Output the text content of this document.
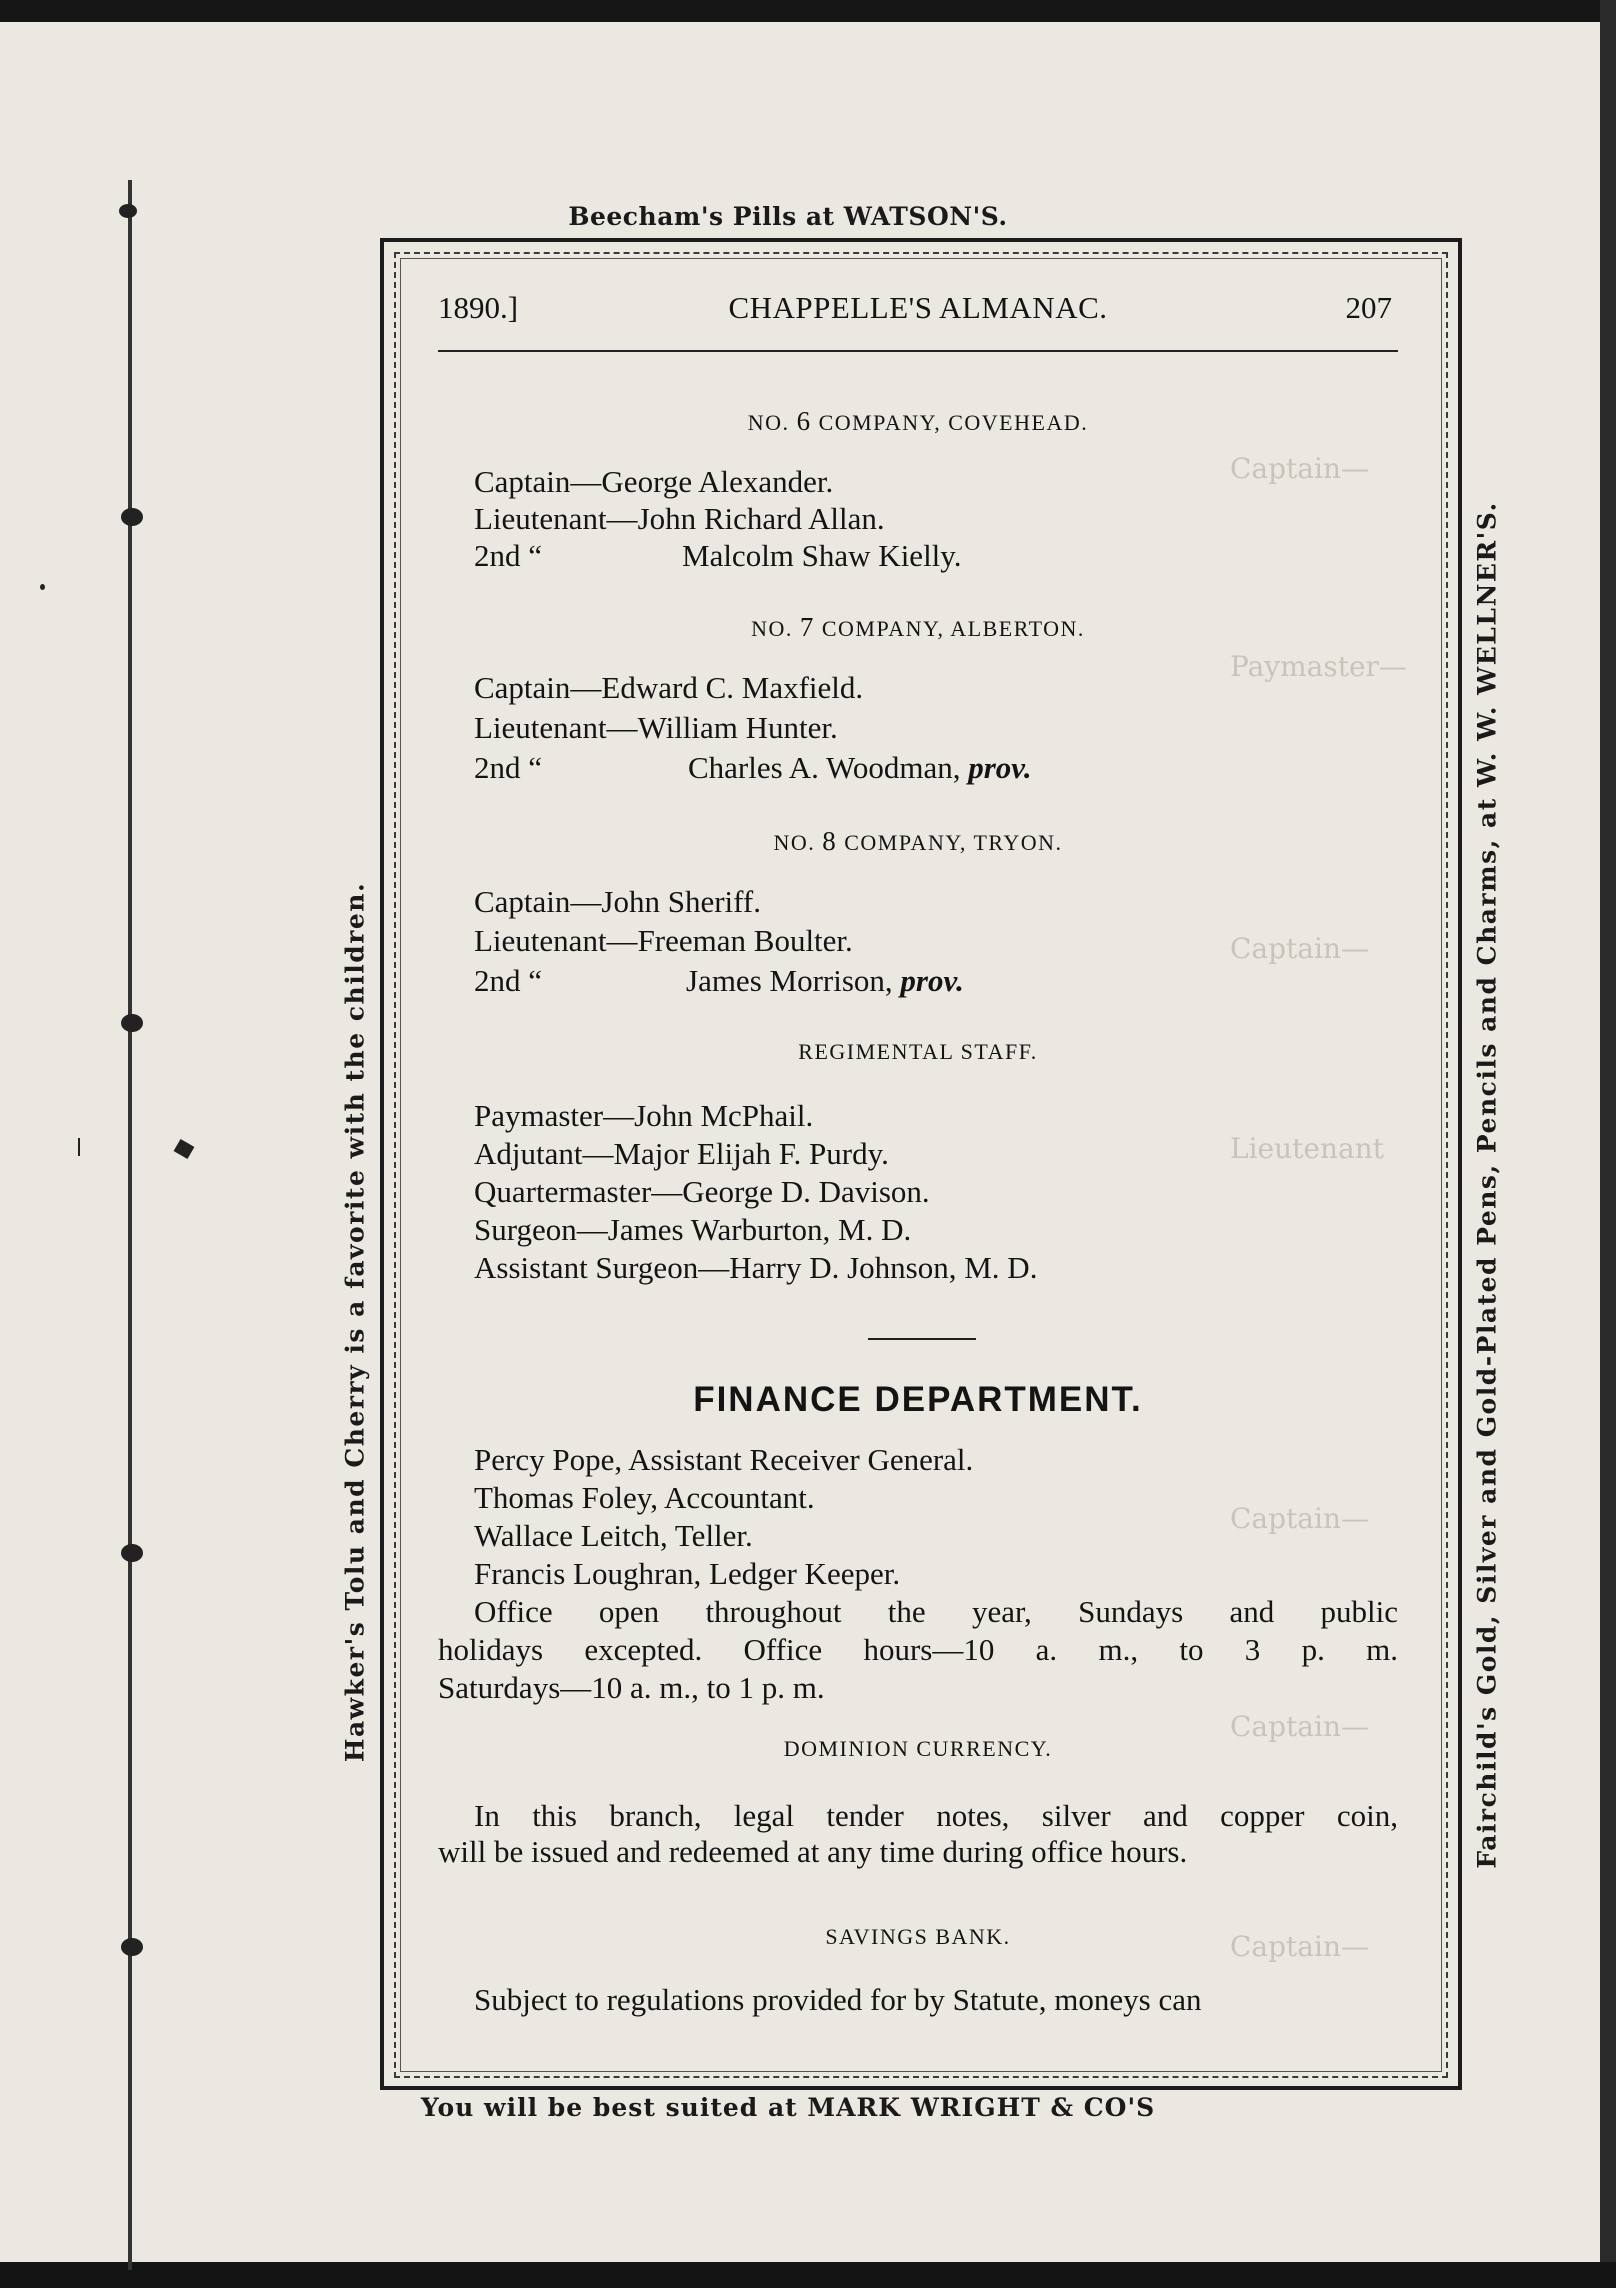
Captain—
Paymaster—
Captain—
Lieutenant
Captain—
Captain—
Captain—
Beecham's Pills at WATSON'S.
You will be best suited at MARK WRIGHT & CO'S
Hawker's Tolu and Cherry is a favorite with the children.	Fairchild's Gold, Silver and Gold-Plated Pens, Pencils and Charms, at W. W. WELLNER'S.
1890.]	CHAPPELLE'S ALMANAC.	207
NO. 6 COMPANY, COVEHEAD.
Captain—George Alexander.
Lieutenant—John Richard Allan.
2nd “	Malcolm Shaw Kielly.
NO. 7 COMPANY, ALBERTON.
Captain—Edward C. Maxfield.
Lieutenant—William Hunter.
2nd “	Charles A. Woodman, prov.
NO. 8 COMPANY, TRYON.
Captain—John Sheriff.
Lieutenant—Freeman Boulter.
2nd “	James Morrison, prov.
REGIMENTAL STAFF.
Paymaster—John McPhail.
Adjutant—Major Elijah F. Purdy.
Quartermaster—George D. Davison.
Surgeon—James Warburton, M. D.
Assistant Surgeon—Harry D. Johnson, M. D.
FINANCE DEPARTMENT.
Percy Pope, Assistant Receiver General.
Thomas Foley, Accountant.
Wallace Leitch, Teller.
Francis Loughran, Ledger Keeper.
Office open throughout the year, Sundays and public
holidays excepted. Office hours—10 a. m., to 3 p. m.
Saturdays—10 a. m., to 1 p. m.
DOMINION CURRENCY.
In this branch, legal tender notes, silver and copper coin,
will be issued and redeemed at any time during office hours.
SAVINGS BANK.
Subject to regulations provided for by Statute, moneys can
